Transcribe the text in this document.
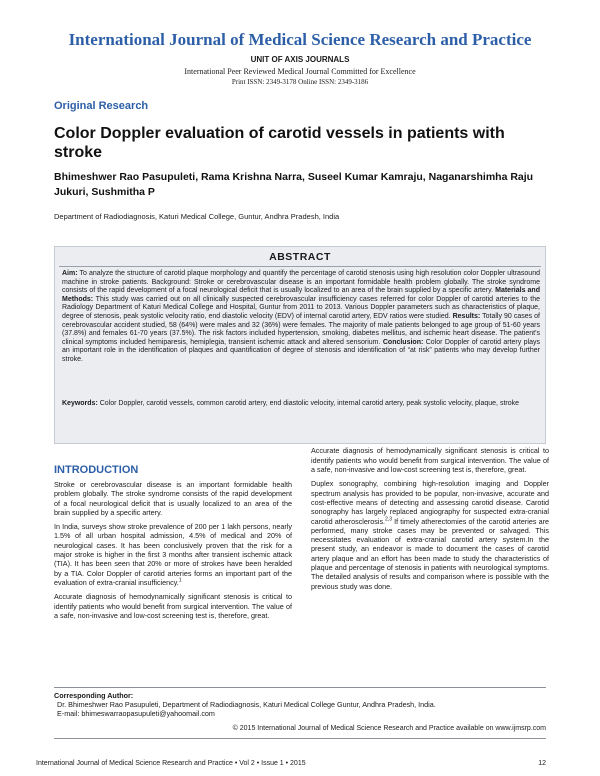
International Journal of Medical Science Research and Practice
UNIT OF AXIS JOURNALS
International Peer Reviewed Medical Journal Committed for Excellence
Print ISSN: 2349-3178 Online ISSN: 2349-3186
Original Research
Color Doppler evaluation of carotid vessels in patients with stroke
Bhimeshwer Rao Pasupuleti, Rama Krishna Narra, Suseel Kumar Kamraju, Naganarshimha Raju Jukuri, Sushmitha P
Department of Radiodiagnosis, Katuri Medical College, Guntur, Andhra Pradesh, India
ABSTRACT
Aim: To analyze the structure of carotid plaque morphology and quantify the percentage of carotid stenosis using high resolution color Doppler ultrasound machine in stroke patients. Background: Stroke or cerebrovascular disease is an important formidable health problem globally. The stroke syndrome consists of the rapid development of a focal neurological deficit that is usually localized to an area of the brain supplied by a specific artery. Materials and Methods: This study was carried out on all clinically suspected cerebrovascular insufficiency cases referred for color Doppler of carotid arteries to the Radiology Department of Katuri Medical College and Hospital, Guntur from 2011 to 2013. Various Doppler parameters such as characteristics of plaque, degree of stenosis, peak systolic velocity ratio, end diastolic velocity (EDV) of internal carotid artery, EDV ratios were studied. Results: Totally 90 cases of cerebrovascular accident studied, 58 (64%) were males and 32 (36%) were females. The majority of male patients belonged to age group of 51-60 years (37.8%) and females 61-70 years (37.5%). The risk factors included hypertension, smoking, diabetes mellitus, and ischemic heart disease. The patient’s clinical symptoms included hemiparesis, hemiplegia, transient ischemic attack and altered sensorium. Conclusion: Color Doppler of carotid artery plays an important role in the identification of plaques and quantification of degree of stenosis and identification of “at risk” patients who may develop further stroke.
Keywords: Color Doppler, carotid vessels, common carotid artery, end diastolic velocity, internal carotid artery, peak systolic velocity, plaque, stroke
INTRODUCTION

Stroke or cerebrovascular disease is an important formidable health problem globally. The stroke syndrome consists of the rapid development of a focal neurological deficit that is usually localized to an area of the brain supplied by a specific artery.

In India, surveys show stroke prevalence of 200 per 1 lakh persons, nearly 1.5% of all urban hospital admission, 4.5% of medical and 20% of neurological cases. It has been conclusively proven that the risk for a major stroke is higher in the first 3 months after transient ischemic attack (TIA). It has been seen that 20% or more of strokes have been heralded by a TIA. Color Doppler of carotid arteries forms an important part of the evaluation of extra-cranial insufficiency.$^1$

Accurate diagnosis of hemodynamically significant stenosis is critical to identify patients who would benefit from surgical intervention. The value of a safe, non-invasive and low-cost screening test is, therefore, great.

Accurate diagnosis of hemodynamically significant stenosis is critical to identify patients who would benefit from surgical intervention. The value of a safe, non-invasive and low-cost screening test is, therefore, great.

Duplex sonography, combining high-resolution imaging and Doppler spectrum analysis has provided to be popular, non-invasive, accurate and cost-effective means of detecting and assessing carotid disease. Carotid sonography has largely replaced angiography for suspected extra-cranial carotid atherosclerosis.$^{2,3}$ If timely atherectomies of the carotid arteries are performed, many stroke cases may be prevented or salvaged. This necessitates evaluation of extra-cranial carotid artery system.In the present study, an endeavor is made to document the cases of carotid artery plaque and an effort has been made to study the characteristics of plaque and percentage of stenosis in patients with neurological symptoms. The detailed analysis of results and comparison where is possible with the previous study was done.

Corresponding Author:
Dr. Bhimeshwer Rao Pasupuleti, Department of Radiodiagnosis, Katuri Medical College Guntur, Andhra Pradesh, India.
E-mail: bhimeswarraopasupuleti@yahoomail.com
© 2015 International Journal of Medical Science Research and Practice available on www.ijmsrp.com
International Journal of Medical Science Research and Practice • Vol 2 • Issue 1 • 2015	12
